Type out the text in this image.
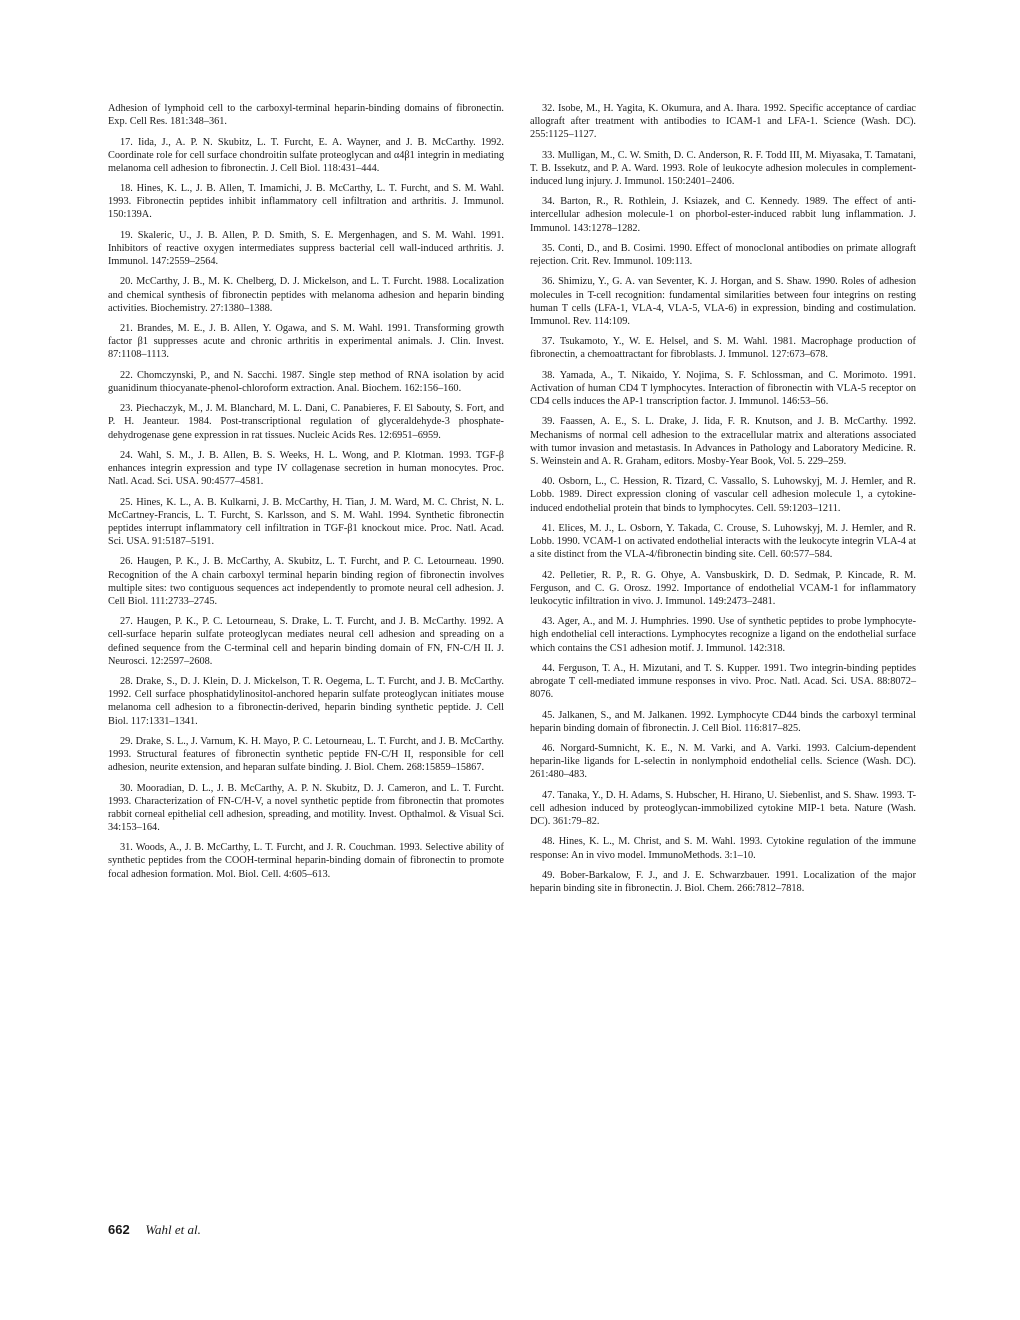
Adhesion of lymphoid cell to the carboxyl-terminal heparin-binding domains of fibronectin. Exp. Cell Res. 181:348–361.

17. Iida, J., A. P. N. Skubitz, L. T. Furcht, E. A. Wayner, and J. B. McCarthy. 1992. Coordinate role for cell surface chondroitin sulfate proteoglycan and α4β1 integrin in mediating melanoma cell adhesion to fibronectin. J. Cell Biol. 118:431–444.

18. Hines, K. L., J. B. Allen, T. Imamichi, J. B. McCarthy, L. T. Furcht, and S. M. Wahl. 1993. Fibronectin peptides inhibit inflammatory cell infiltration and arthritis. J. Immunol. 150:139A.

19. Skaleric, U., J. B. Allen, P. D. Smith, S. E. Mergenhagen, and S. M. Wahl. 1991. Inhibitors of reactive oxygen intermediates suppress bacterial cell wall-induced arthritis. J. Immunol. 147:2559–2564.

20. McCarthy, J. B., M. K. Chelberg, D. J. Mickelson, and L. T. Furcht. 1988. Localization and chemical synthesis of fibronectin peptides with melanoma adhesion and heparin binding activities. Biochemistry. 27:1380–1388.

21. Brandes, M. E., J. B. Allen, Y. Ogawa, and S. M. Wahl. 1991. Transforming growth factor β1 suppresses acute and chronic arthritis in experimental animals. J. Clin. Invest. 87:1108–1113.

22. Chomczynski, P., and N. Sacchi. 1987. Single step method of RNA isolation by acid guanidinum thiocyanate-phenol-chloroform extraction. Anal. Biochem. 162:156–160.

23. Piechaczyk, M., J. M. Blanchard, M. L. Dani, C. Panabieres, F. El Sabouty, S. Fort, and P. H. Jeanteur. 1984. Post-transcriptional regulation of glyceraldehyde-3 phosphate-dehydrogenase gene expression in rat tissues. Nucleic Acids Res. 12:6951–6959.

24. Wahl, S. M., J. B. Allen, B. S. Weeks, H. L. Wong, and P. Klotman. 1993. TGF-β enhances integrin expression and type IV collagenase secretion in human monocytes. Proc. Natl. Acad. Sci. USA. 90:4577–4581.

25. Hines, K. L., A. B. Kulkarni, J. B. McCarthy, H. Tian, J. M. Ward, M. C. Christ, N. L. McCartney-Francis, L. T. Furcht, S. Karlsson, and S. M. Wahl. 1994. Synthetic fibronectin peptides interrupt inflammatory cell infiltration in TGF-β1 knockout mice. Proc. Natl. Acad. Sci. USA. 91:5187–5191.

26. Haugen, P. K., J. B. McCarthy, A. Skubitz, L. T. Furcht, and P. C. Letourneau. 1990. Recognition of the A chain carboxyl terminal heparin binding region of fibronectin involves multiple sites: two contiguous sequences act independently to promote neural cell adhesion. J. Cell Biol. 111:2733–2745.

27. Haugen, P. K., P. C. Letourneau, S. Drake, L. T. Furcht, and J. B. McCarthy. 1992. A cell-surface heparin sulfate proteoglycan mediates neural cell adhesion and spreading on a defined sequence from the C-terminal cell and heparin binding domain of FN, FN-C/H II. J. Neurosci. 12:2597–2608.

28. Drake, S., D. J. Klein, D. J. Mickelson, T. R. Oegema, L. T. Furcht, and J. B. McCarthy. 1992. Cell surface phosphatidylinositol-anchored heparin sulfate proteoglycan initiates mouse melanoma cell adhesion to a fibronectin-derived, heparin binding synthetic peptide. J. Cell Biol. 117:1331–1341.

29. Drake, S. L., J. Varnum, K. H. Mayo, P. C. Letourneau, L. T. Furcht, and J. B. McCarthy. 1993. Structural features of fibronectin synthetic peptide FN-C/H II, responsible for cell adhesion, neurite extension, and heparan sulfate binding. J. Biol. Chem. 268:15859–15867.

30. Mooradian, D. L., J. B. McCarthy, A. P. N. Skubitz, D. J. Cameron, and L. T. Furcht. 1993. Characterization of FN-C/H-V, a novel synthetic peptide from fibronectin that promotes rabbit corneal epithelial cell adhesion, spreading, and motility. Invest. Opthalmol. & Visual Sci. 34:153–164.

31. Woods, A., J. B. McCarthy, L. T. Furcht, and J. R. Couchman. 1993. Selective ability of synthetic peptides from the COOH-terminal heparin-binding domain of fibronectin to promote focal adhesion formation. Mol. Biol. Cell. 4:605–613.

32. Isobe, M., H. Yagita, K. Okumura, and A. Ihara. 1992. Specific acceptance of cardiac allograft after treatment with antibodies to ICAM-1 and LFA-1. Science (Wash. DC). 255:1125–1127.

33. Mulligan, M., C. W. Smith, D. C. Anderson, R. F. Todd III, M. Miyasaka, T. Tamatani, T. B. Issekutz, and P. A. Ward. 1993. Role of leukocyte adhesion molecules in complement-induced lung injury. J. Immunol. 150:2401–2406.

34. Barton, R., R. Rothlein, J. Ksiazek, and C. Kennedy. 1989. The effect of anti-intercellular adhesion molecule-1 on phorbol-ester-induced rabbit lung inflammation. J. Immunol. 143:1278–1282.

35. Conti, D., and B. Cosimi. 1990. Effect of monoclonal antibodies on primate allograft rejection. Crit. Rev. Immunol. 109:113.

36. Shimizu, Y., G. A. van Seventer, K. J. Horgan, and S. Shaw. 1990. Roles of adhesion molecules in T-cell recognition: fundamental similarities between four integrins on resting human T cells (LFA-1, VLA-4, VLA-5, VLA-6) in expression, binding and costimulation. Immunol. Rev. 114:109.

37. Tsukamoto, Y., W. E. Helsel, and S. M. Wahl. 1981. Macrophage production of fibronectin, a chemoattractant for fibroblasts. J. Immunol. 127:673–678.

38. Yamada, A., T. Nikaido, Y. Nojima, S. F. Schlossman, and C. Morimoto. 1991. Activation of human CD4 T lymphocytes. Interaction of fibronectin with VLA-5 receptor on CD4 cells induces the AP-1 transcription factor. J. Immunol. 146:53–56.

39. Faassen, A. E., S. L. Drake, J. Iida, F. R. Knutson, and J. B. McCarthy. 1992. Mechanisms of normal cell adhesion to the extracellular matrix and alterations associated with tumor invasion and metastasis. In Advances in Pathology and Laboratory Medicine. R. S. Weinstein and A. R. Graham, editors. Mosby-Year Book, Vol. 5. 229–259.

40. Osborn, L., C. Hession, R. Tizard, C. Vassallo, S. Luhowskyj, M. J. Hemler, and R. Lobb. 1989. Direct expression cloning of vascular cell adhesion molecule 1, a cytokine-induced endothelial protein that binds to lymphocytes. Cell. 59:1203–1211.

41. Elices, M. J., L. Osborn, Y. Takada, C. Crouse, S. Luhowskyj, M. J. Hemler, and R. Lobb. 1990. VCAM-1 on activated endothelial interacts with the leukocyte integrin VLA-4 at a site distinct from the VLA-4/fibronectin binding site. Cell. 60:577–584.

42. Pelletier, R. P., R. G. Ohye, A. Vansbuskirk, D. D. Sedmak, P. Kincade, R. M. Ferguson, and C. G. Orosz. 1992. Importance of endothelial VCAM-1 for inflammatory leukocytic infiltration in vivo. J. Immunol. 149:2473–2481.

43. Ager, A., and M. J. Humphries. 1990. Use of synthetic peptides to probe lymphocyte-high endothelial cell interactions. Lymphocytes recognize a ligand on the endothelial surface which contains the CS1 adhesion motif. J. Immunol. 142:318.

44. Ferguson, T. A., H. Mizutani, and T. S. Kupper. 1991. Two integrin-binding peptides abrogate T cell-mediated immune responses in vivo. Proc. Natl. Acad. Sci. USA. 88:8072–8076.

45. Jalkanen, S., and M. Jalkanen. 1992. Lymphocyte CD44 binds the carboxyl terminal heparin binding domain of fibronectin. J. Cell Biol. 116:817–825.

46. Norgard-Sumnicht, K. E., N. M. Varki, and A. Varki. 1993. Calcium-dependent heparin-like ligands for L-selectin in nonlymphoid endothelial cells. Science (Wash. DC). 261:480–483.

47. Tanaka, Y., D. H. Adams, S. Hubscher, H. Hirano, U. Siebenlist, and S. Shaw. 1993. T-cell adhesion induced by proteoglycan-immobilized cytokine MIP-1 beta. Nature (Wash. DC). 361:79–82.

48. Hines, K. L., M. Christ, and S. M. Wahl. 1993. Cytokine regulation of the immune response: An in vivo model. ImmunoMethods. 3:1–10.

49. Bober-Barkalow, F. J., and J. E. Schwarzbauer. 1991. Localization of the major heparin binding site in fibronectin. J. Biol. Chem. 266:7812–7818.

662 Wahl et al.
